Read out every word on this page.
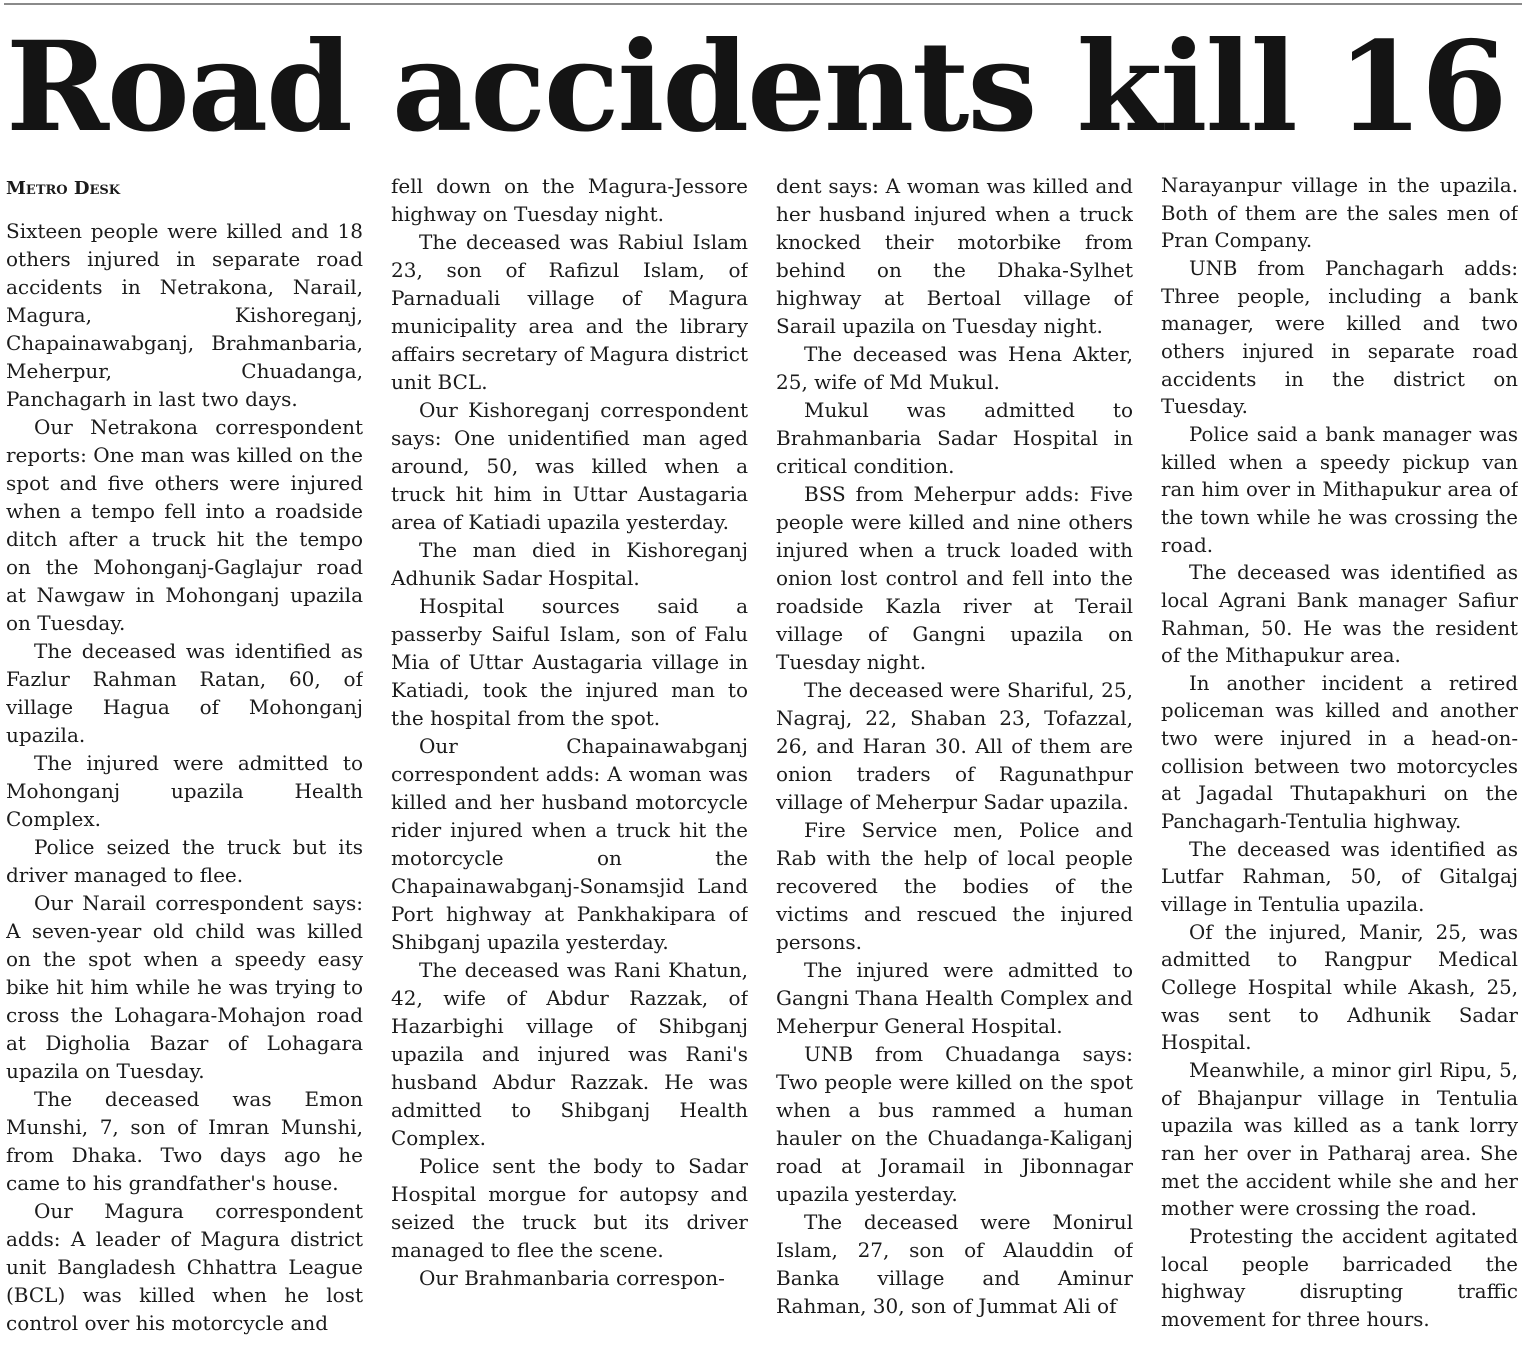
Road accidents kill 16
Metro Desk

Sixteen people were killed and 18 others injured in separate road accidents in Netrakona, Narail, Magura, Kishoreganj, Chapainawabganj, Brahmanbaria, Meherpur, Chuadanga, Panchagarh in last two days.

Our Netrakona correspondent reports: One man was killed on the spot and five others were injured when a tempo fell into a roadside ditch after a truck hit the tempo on the Mohonganj-Gaglajur road at Nawgaw in Mohonganj upazila on Tuesday.

The deceased was identified as Fazlur Rahman Ratan, 60, of village Hagua of Mohonganj upazila.

The injured were admitted to Mohonganj upazila Health Complex.

Police seized the truck but its driver managed to flee.

Our Narail correspondent says: A seven-year old child was killed on the spot when a speedy easy bike hit him while he was trying to cross the Lohagara-Mohajon road at Digholia Bazar of Lohagara upazila on Tuesday.

The deceased was Emon Munshi, 7, son of Imran Munshi, from Dhaka. Two days ago he came to his grandfather's house.

Our Magura correspondent adds: A leader of Magura district unit Bangladesh Chhattra League (BCL) was killed when he lost control over his motorcycle and

fell down on the Magura-Jessore highway on Tuesday night.

The deceased was Rabiul Islam 23, son of Rafizul Islam, of Parnaduali village of Magura municipality area and the library affairs secretary of Magura district unit BCL.

Our Kishoreganj correspondent says: One unidentified man aged around, 50, was killed when a truck hit him in Uttar Austagaria area of Katiadi upazila yesterday.

The man died in Kishoreganj Adhunik Sadar Hospital.

Hospital sources said a passerby Saiful Islam, son of Falu Mia of Uttar Austagaria village in Katiadi, took the injured man to the hospital from the spot.

Our Chapainawabganj correspondent adds: A woman was killed and her husband motorcycle rider injured when a truck hit the motorcycle on the Chapainawabganj-Sonamsjid Land Port highway at Pankhakipara of Shibganj upazila yesterday.

The deceased was Rani Khatun, 42, wife of Abdur Razzak, of Hazarbighi village of Shibganj upazila and injured was Rani's husband Abdur Razzak. He was admitted to Shibganj Health Complex.

Police sent the body to Sadar Hospital morgue for autopsy and seized the truck but its driver managed to flee the scene.

Our Brahmanbaria correspon-

dent says: A woman was killed and her husband injured when a truck knocked their motorbike from behind on the Dhaka-Sylhet highway at Bertoal village of Sarail upazila on Tuesday night.

The deceased was Hena Akter, 25, wife of Md Mukul.

Mukul was admitted to Brahmanbaria Sadar Hospital in critical condition.

BSS from Meherpur adds: Five people were killed and nine others injured when a truck loaded with onion lost control and fell into the roadside Kazla river at Terail village of Gangni upazila on Tuesday night.

The deceased were Shariful, 25, Nagraj, 22, Shaban 23, Tofazzal, 26, and Haran 30. All of them are onion traders of Ragunathpur village of Meherpur Sadar upazila.

Fire Service men, Police and Rab with the help of local people recovered the bodies of the victims and rescued the injured persons.

The injured were admitted to Gangni Thana Health Complex and Meherpur General Hospital.

UNB from Chuadanga says: Two people were killed on the spot when a bus rammed a human hauler on the Chuadanga-Kaliganj road at Joramail in Jibonnagar upazila yesterday.

The deceased were Monirul Islam, 27, son of Alauddin of Banka village and Aminur Rahman, 30, son of Jummat Ali of

Narayanpur village in the upazila. Both of them are the sales men of Pran Company.

UNB from Panchagarh adds: Three people, including a bank manager, were killed and two others injured in separate road accidents in the district on Tuesday.

Police said a bank manager was killed when a speedy pickup van ran him over in Mithapukur area of the town while he was crossing the road.

The deceased was identified as local Agrani Bank manager Safiur Rahman, 50. He was the resident of the Mithapukur area.

In another incident a retired policeman was killed and another two were injured in a head-on-collision between two motorcycles at Jagadal Thutapakhuri on the Panchagarh-Tentulia highway.

The deceased was identified as Lutfar Rahman, 50, of Gitalgaj village in Tentulia upazila.

Of the injured, Manir, 25, was admitted to Rangpur Medical College Hospital while Akash, 25, was sent to Adhunik Sadar Hospital.

Meanwhile, a minor girl Ripu, 5, of Bhajanpur village in Tentulia upazila was killed as a tank lorry ran her over in Patharaj area. She met the accident while she and her mother were crossing the road.

Protesting the accident agitated local people barricaded the highway disrupting traffic movement for three hours.
